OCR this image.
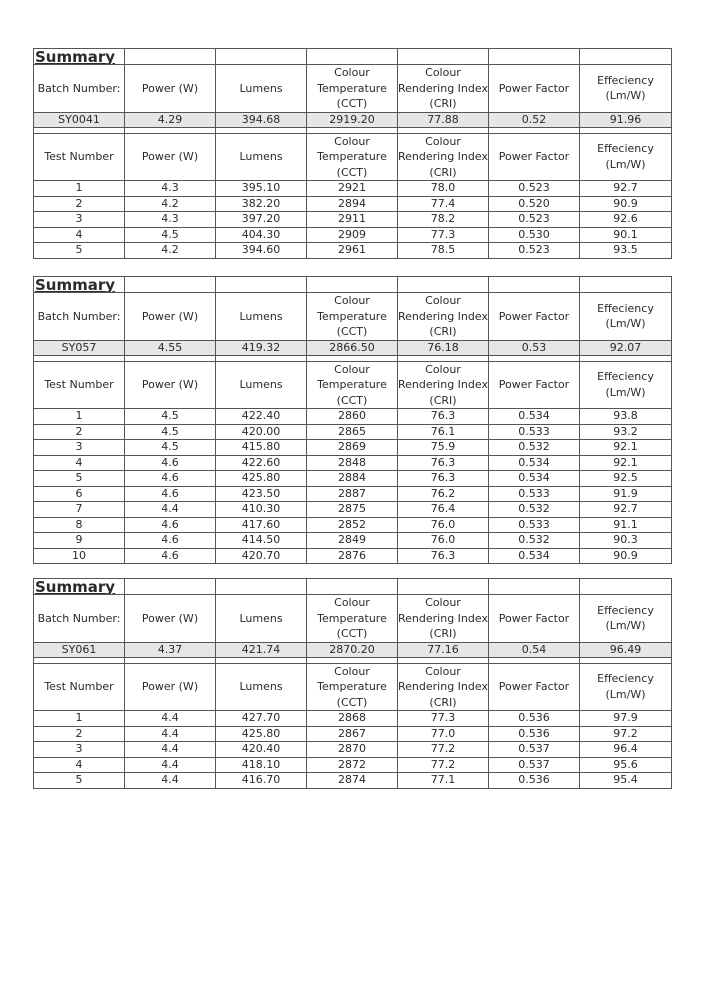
Summary						
Batch Number:	Power (W)	Lumens	Colour Temperature (CCT)	Colour Rendering Index (CRI)	Power Factor	Effeciency (Lm/W)
SY0041	4.29	394.68	2919.20	77.88	0.52	91.96

Test Number	Power (W)	Lumens	Colour Temperature (CCT)	Colour Rendering Index (CRI)	Power Factor	Effeciency (Lm/W)
1	4.3	395.10	2921	78.0	0.523	92.7
2	4.2	382.20	2894	77.4	0.520	90.9
3	4.3	397.20	2911	78.2	0.523	92.6
4	4.5	404.30	2909	77.3	0.530	90.1
5	4.2	394.60	2961	78.5	0.523	93.5
Summary						
Batch Number:	Power (W)	Lumens	Colour Temperature (CCT)	Colour Rendering Index (CRI)	Power Factor	Effeciency (Lm/W)
SY057	4.55	419.32	2866.50	76.18	0.53	92.07

Test Number	Power (W)	Lumens	Colour Temperature (CCT)	Colour Rendering Index (CRI)	Power Factor	Effeciency (Lm/W)
1	4.5	422.40	2860	76.3	0.534	93.8
2	4.5	420.00	2865	76.1	0.533	93.2
3	4.5	415.80	2869	75.9	0.532	92.1
4	4.6	422.60	2848	76.3	0.534	92.1
5	4.6	425.80	2884	76.3	0.534	92.5
6	4.6	423.50	2887	76.2	0.533	91.9
7	4.4	410.30	2875	76.4	0.532	92.7
8	4.6	417.60	2852	76.0	0.533	91.1
9	4.6	414.50	2849	76.0	0.532	90.3
10	4.6	420.70	2876	76.3	0.534	90.9
Summary						
Batch Number:	Power (W)	Lumens	Colour Temperature (CCT)	Colour Rendering Index (CRI)	Power Factor	Effeciency (Lm/W)
SY061	4.37	421.74	2870.20	77.16	0.54	96.49

Test Number	Power (W)	Lumens	Colour Temperature (CCT)	Colour Rendering Index (CRI)	Power Factor	Effeciency (Lm/W)
1	4.4	427.70	2868	77.3	0.536	97.9
2	4.4	425.80	2867	77.0	0.536	97.2
3	4.4	420.40	2870	77.2	0.537	96.4
4	4.4	418.10	2872	77.2	0.537	95.6
5	4.4	416.70	2874	77.1	0.536	95.4
